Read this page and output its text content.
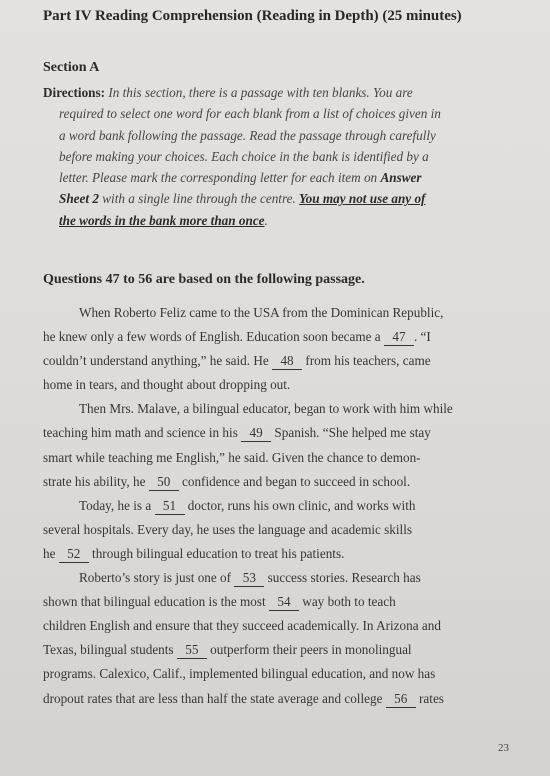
Part IV Reading Comprehension (Reading in Depth) (25 minutes)
Section A
Directions: In this section, there is a passage with ten blanks. You are
required to select one word for each blank from a list of choices given in
a word bank following the passage. Read the passage through carefully
before making your choices. Each choice in the bank is identified by a
letter. Please mark the corresponding letter for each item on Answer
Sheet 2 with a single line through the centre. You may not use any of
the words in the bank more than once.
Questions 47 to 56 are based on the following passage.
When Roberto Feliz came to the USA from the Dominican Republic,
he knew only a few words of English. Education soon became a 47 . “I
couldn’t understand anything,” he said. He 48 from his teachers, came
home in tears, and thought about dropping out.
Then Mrs. Malave, a bilingual educator, began to work with him while
teaching him math and science in his 49 Spanish. “She helped me stay
smart while teaching me English,” he said. Given the chance to demon-
strate his ability, he 50 confidence and began to succeed in school.
Today, he is a 51 doctor, runs his own clinic, and works with
several hospitals. Every day, he uses the language and academic skills
he 52 through bilingual education to treat his patients.
Roberto’s story is just one of 53 success stories. Research has
shown that bilingual education is the most 54 way both to teach
children English and ensure that they succeed academically. In Arizona and
Texas, bilingual students 55 outperform their peers in monolingual
programs. Calexico, Calif., implemented bilingual education, and now has
dropout rates that are less than half the state average and college 56 rates
23
